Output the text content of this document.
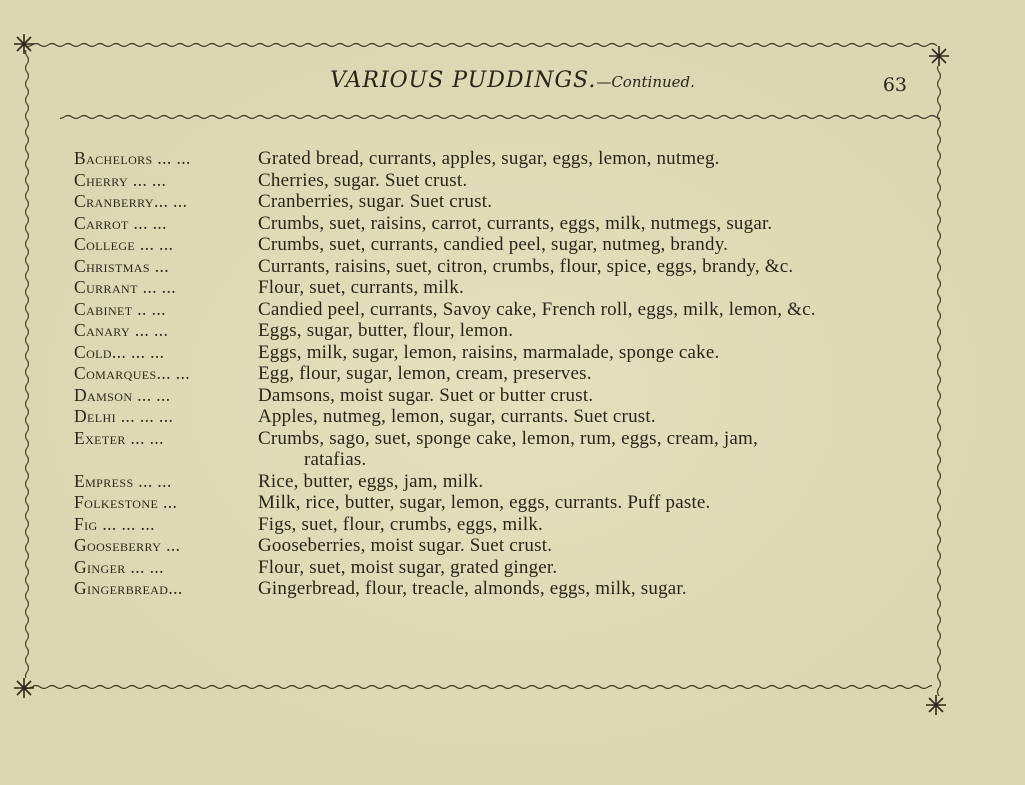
VARIOUS PUDDINGS.—Continued.	63
Bachelors ... ...	Grated bread, currants, apples, sugar, eggs, lemon, nutmeg.
Cherry ... ...	Cherries, sugar. Suet crust.
Cranberry... ...	Cranberries, sugar. Suet crust.
Carrot ... ...	Crumbs, suet, raisins, carrot, currants, eggs, milk, nutmegs, sugar.
College ... ...	Crumbs, suet, currants, candied peel, sugar, nutmeg, brandy.
Christmas ...	Currants, raisins, suet, citron, crumbs, flour, spice, eggs, brandy, &c.
Currant ... ...	Flour, suet, currants, milk.
Cabinet .. ...	Candied peel, currants, Savoy cake, French roll, eggs, milk, lemon, &c.
Canary ... ...	Eggs, sugar, butter, flour, lemon.
Cold... ... ...	Eggs, milk, sugar, lemon, raisins, marmalade, sponge cake.
Comarques... ...	Egg, flour, sugar, lemon, cream, preserves.
Damson ... ...	Damsons, moist sugar. Suet or butter crust.
Delhi ... ... ...	Apples, nutmeg, lemon, sugar, currants. Suet crust.
Exeter ... ...	Crumbs, sago, suet, sponge cake, lemon, rum, eggs, cream, jam,
ratafias.
Empress ... ...	Rice, butter, eggs, jam, milk.
Folkestone ...	Milk, rice, butter, sugar, lemon, eggs, currants. Puff paste.
Fig ... ... ...	Figs, suet, flour, crumbs, eggs, milk.
Gooseberry ...	Gooseberries, moist sugar. Suet crust.
Ginger ... ...	Flour, suet, moist sugar, grated ginger.
Gingerbread...	Gingerbread, flour, treacle, almonds, eggs, milk, sugar.
